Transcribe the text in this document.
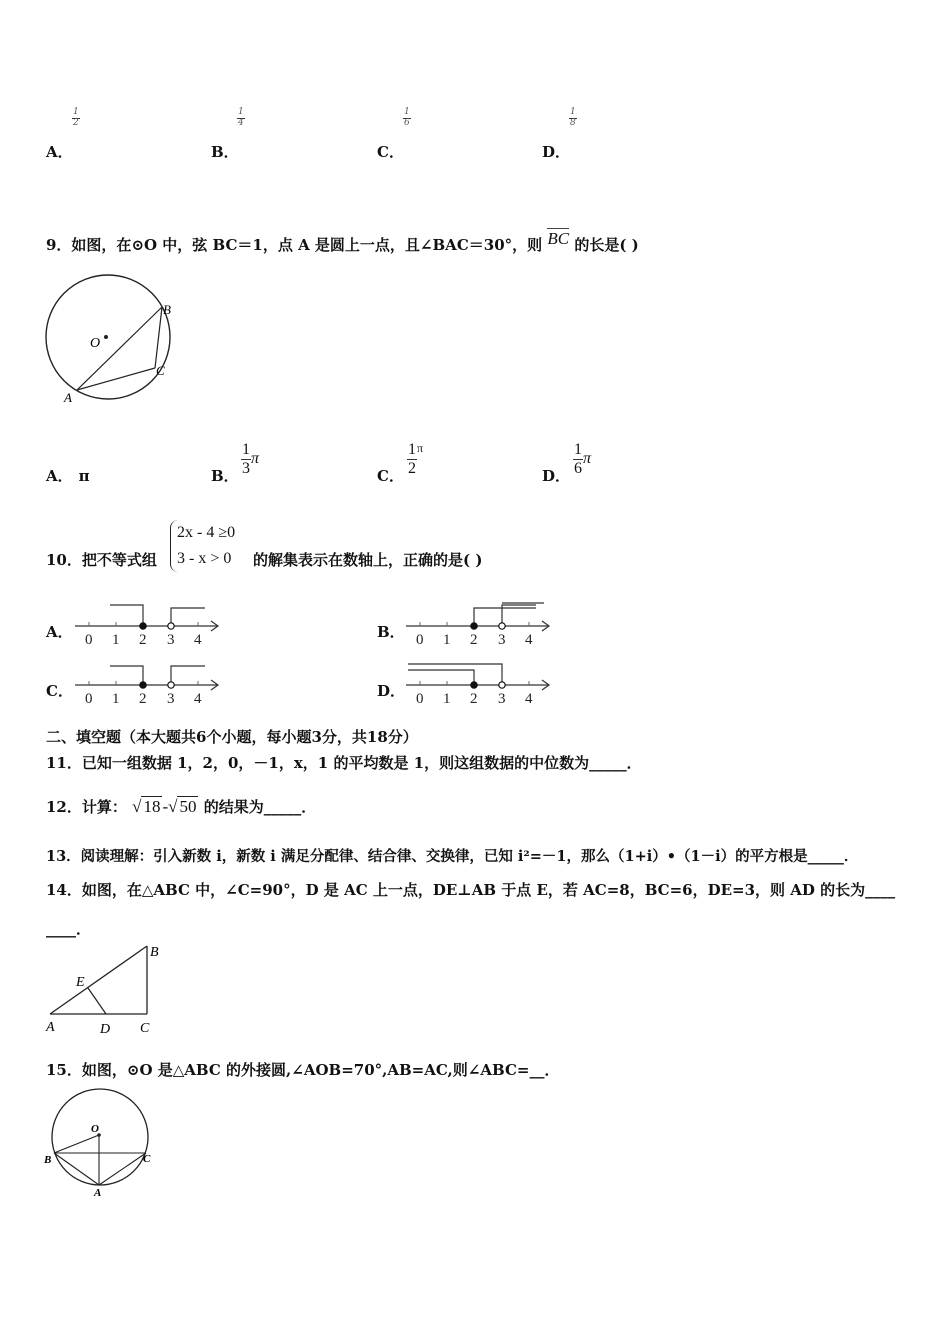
A．
$\frac{1}{2}$
B．
$\frac{1}{4}$
C．
$\frac{1}{6}$
D．
$\frac{1}{8}$
9．如图，在⊙O 中，弦 BC＝1，点 A 是圆上一点，且∠BAC＝30°，则 BC 的长是( )
O
B
C
A
A． π	B． $\frac{1}{3}$ π
C． $\frac{1}{2} ^\pi$
D． $\frac{1}{6}$ π
10．把不等式组
2x - 4 ≥0
3 - x > 0 的解集表示在数轴上，正确的是( )
A．	B．
C．	D．
0 1 2 3 4	0 1 2 3 4
0 1 2 3 4	0 1 2 3 4
二、填空题（本大题共6个小题，每小题3分，共18分）
11．已知一组数据 1，2，0，－1，x，1 的平均数是 1，则这组数据的中位数为_____．
12．计算： √ 18-√ 50 的结果为_____．
13．阅读理解：引入新数 i，新数 i 满足分配律、结合律、交换律，已知 i²=－1，那么（1+i）•（1－i）的平方根是_____．
14．如图，在△ABC 中，∠C=90°，D 是 AC 上一点，DE⊥AB 于点 E，若 AC=8，BC=6，DE=3，则 AD 的长为____
____．
B
E
A	D C
15．如图，⊙O 是△ABC 的外接圆,∠AOB=70°,AB=AC,则∠ABC=__．
O
B	C
A
